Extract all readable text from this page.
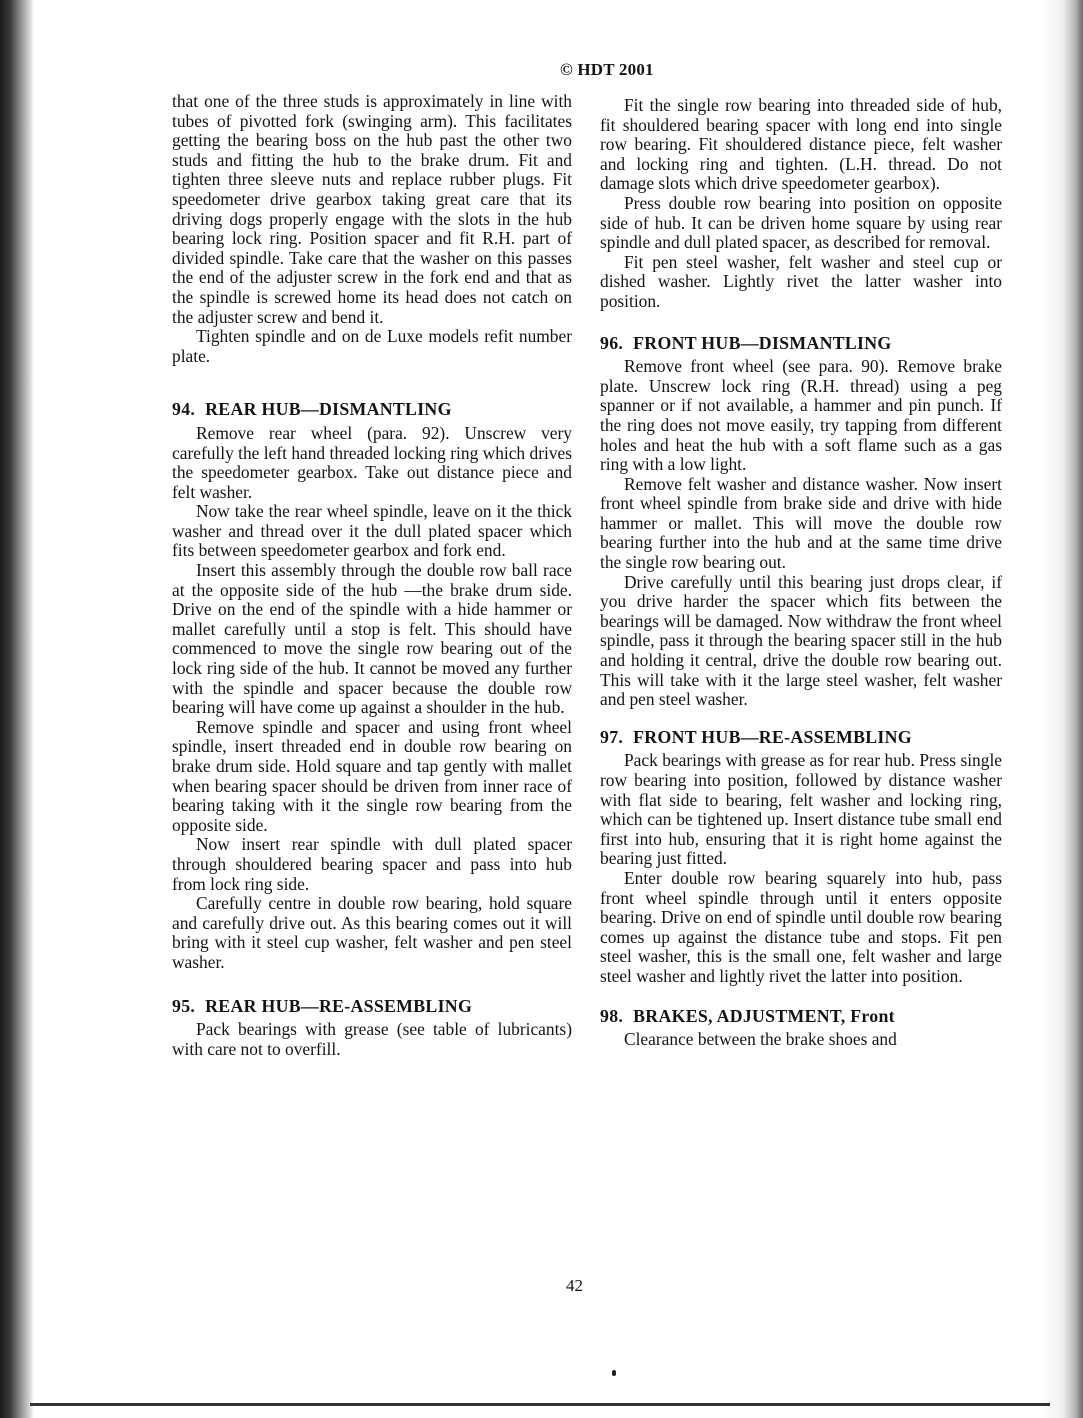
© HDT 2001

that one of the three studs is approximately in line with tubes of pivotted fork (swinging arm). This facilitates getting the bearing boss on the hub past the other two studs and fitting the hub to the brake drum. Fit and tighten three sleeve nuts and replace rubber plugs. Fit speedometer drive gearbox taking great care that its driving dogs properly engage with the slots in the hub bearing lock ring. Position spacer and fit R.H. part of divided spindle. Take care that the washer on this passes the end of the adjuster screw in the fork end and that as the spindle is screwed home its head does not catch on the adjuster screw and bend it.

Tighten spindle and on de Luxe models refit number plate.

94. REAR HUB—DISMANTLING

Remove rear wheel (para. 92). Unscrew very carefully the left hand threaded locking ring which drives the speedometer gearbox. Take out distance piece and felt washer.

Now take the rear wheel spindle, leave on it the thick washer and thread over it the dull plated spacer which fits between speedometer gearbox and fork end.

Insert this assembly through the double row ball race at the opposite side of the hub —the brake drum side. Drive on the end of the spindle with a hide hammer or mallet carefully until a stop is felt. This should have commenced to move the single row bearing out of the lock ring side of the hub. It cannot be moved any further with the spindle and spacer because the double row bearing will have come up against a shoulder in the hub.

Remove spindle and spacer and using front wheel spindle, insert threaded end in double row bearing on brake drum side. Hold square and tap gently with mallet when bearing spacer should be driven from inner race of bearing taking with it the single row bearing from the opposite side.

Now insert rear spindle with dull plated spacer through shouldered bearing spacer and pass into hub from lock ring side.

Carefully centre in double row bearing, hold square and carefully drive out. As this bearing comes out it will bring with it steel cup washer, felt washer and pen steel washer.

95. REAR HUB—RE-ASSEMBLING

Pack bearings with grease (see table of lubricants) with care not to overfill.

Fit the single row bearing into threaded side of hub, fit shouldered bearing spacer with long end into single row bearing. Fit shouldered distance piece, felt washer and locking ring and tighten. (L.H. thread. Do not damage slots which drive speedometer gearbox).

Press double row bearing into position on opposite side of hub. It can be driven home square by using rear spindle and dull plated spacer, as described for removal.

Fit pen steel washer, felt washer and steel cup or dished washer. Lightly rivet the latter washer into position.

96. FRONT HUB—DISMANTLING

Remove front wheel (see para. 90). Remove brake plate. Unscrew lock ring (R.H. thread) using a peg spanner or if not available, a hammer and pin punch. If the ring does not move easily, try tapping from different holes and heat the hub with a soft flame such as a gas ring with a low light.

Remove felt washer and distance washer. Now insert front wheel spindle from brake side and drive with hide hammer or mallet. This will move the double row bearing further into the hub and at the same time drive the single row bearing out.

Drive carefully until this bearing just drops clear, if you drive harder the spacer which fits between the bearings will be damaged. Now withdraw the front wheel spindle, pass it through the bearing spacer still in the hub and holding it central, drive the double row bearing out. This will take with it the large steel washer, felt washer and pen steel washer.

97. FRONT HUB—RE-ASSEMBLING

Pack bearings with grease as for rear hub. Press single row bearing into position, followed by distance washer with flat side to bearing, felt washer and locking ring, which can be tightened up. Insert distance tube small end first into hub, ensuring that it is right home against the bearing just fitted.

Enter double row bearing squarely into hub, pass front wheel spindle through until it enters opposite bearing. Drive on end of spindle until double row bearing comes up against the distance tube and stops. Fit pen steel washer, this is the small one, felt washer and large steel washer and lightly rivet the latter into position.

98. BRAKES, ADJUSTMENT, Front

Clearance between the brake shoes and

42
